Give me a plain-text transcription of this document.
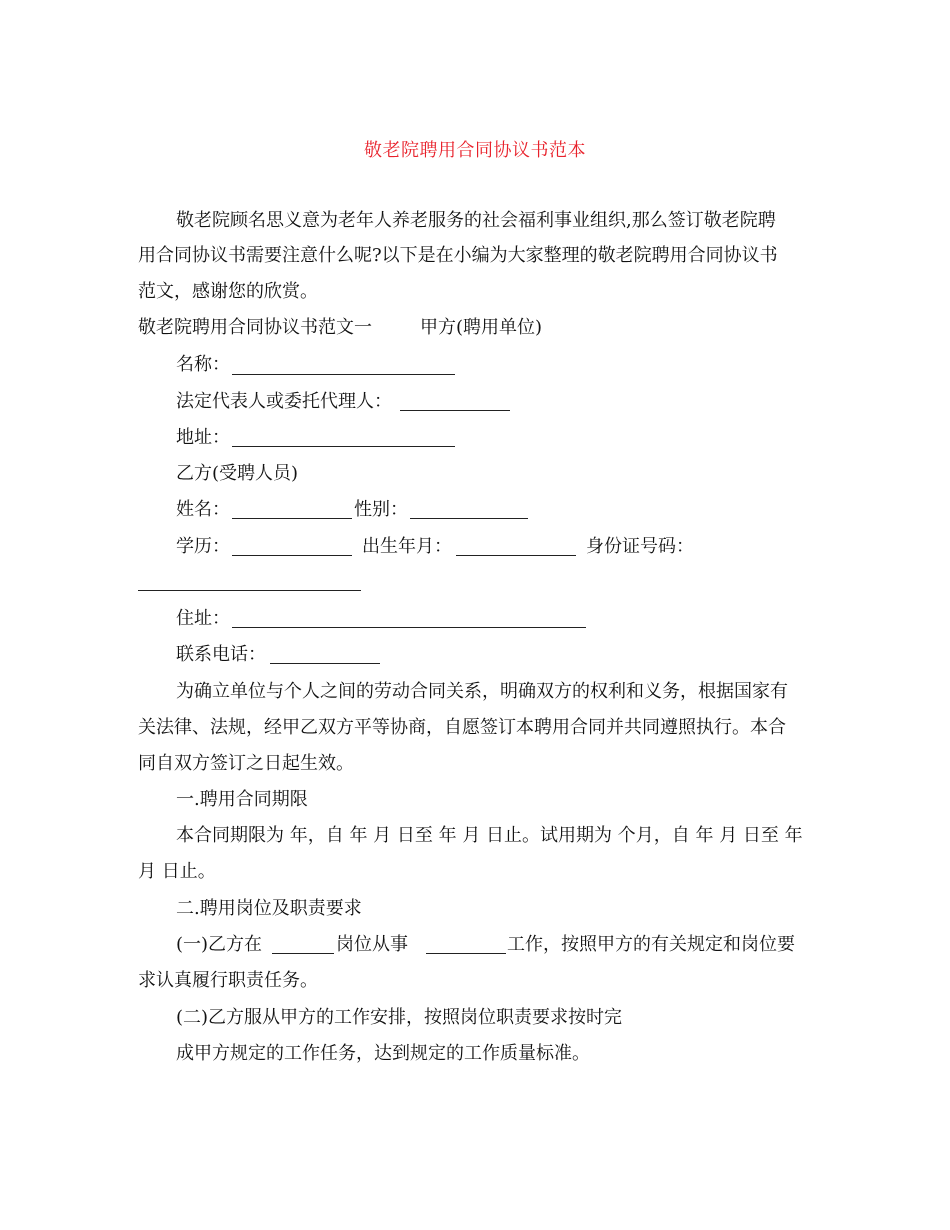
敬老院聘用合同协议书范本
敬老院顾名思义意为老年人养老服务的社会福利事业组织,那么签订敬老院聘
用合同协议书需要注意什么呢?以下是在小编为大家整理的敬老院聘用合同协议书
范文，感谢您的欣赏。
敬老院聘用合同协议书范文一	甲方(聘用单位)
名称：
法定代表人或委托代理人：
地址：
乙方(受聘人员)
姓名：	性别：
学历：	出生年月：	身份证号码：
住址：
联系电话：
为确立单位与个人之间的劳动合同关系，明确双方的权利和义务，根据国家有
关法律、法规，经甲乙双方平等协商，自愿签订本聘用合同并共同遵照执行。本合
同自双方签订之日起生效。
一.聘用合同期限
本合同期限为 年，自 年 月 日至 年 月 日止。试用期为 个月，自 年 月 日至 年
月 日止。
二.聘用岗位及职责要求
(一)乙方在	岗位从事	工作，按照甲方的有关规定和岗位要
求认真履行职责任务。
(二)乙方服从甲方的工作安排，按照岗位职责要求按时完
成甲方规定的工作任务，达到规定的工作质量标准。
